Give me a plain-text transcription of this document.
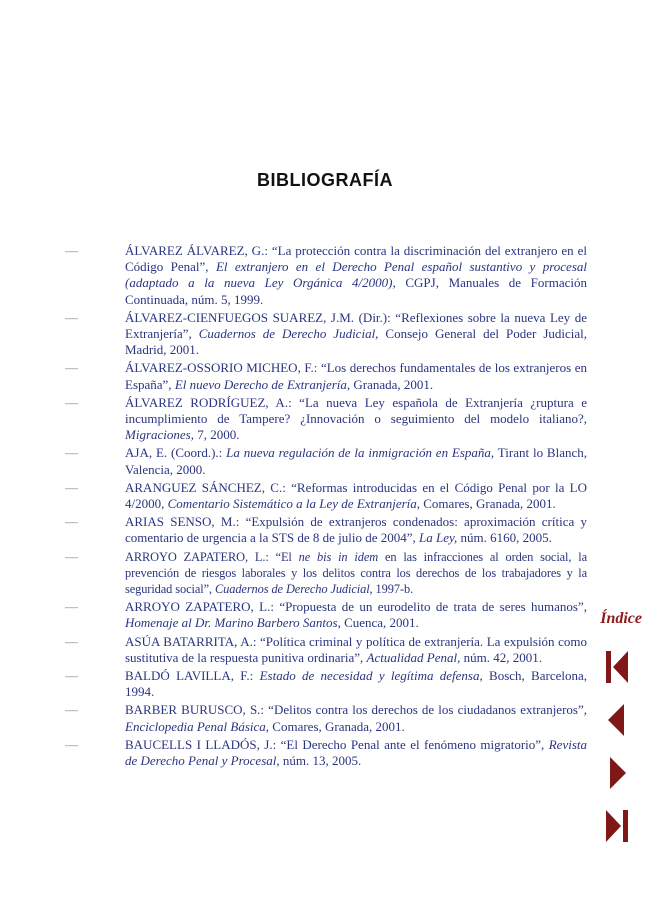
BIBLIOGRAFÍA
—	ÁLVAREZ ÁLVAREZ, G.: “La protección contra la discriminación del extranjero en el Código Penal”, El extranjero en el Derecho Penal español sustantivo y procesal (adaptado a la nueva Ley Orgánica 4/2000), CGPJ, Manuales de Formación Continuada, núm. 5, 1999.

—	ÁLVAREZ-CIENFUEGOS SUAREZ, J.M. (Dir.): “Reflexiones sobre la nueva Ley de Extranjería”, Cuadernos de Derecho Judicial, Consejo General del Poder Judicial, Madrid, 2001.

—	ÁLVAREZ-OSSORIO MICHEO, F.: “Los derechos fundamentales de los extranjeros en España”, El nuevo Derecho de Extranjería, Granada, 2001.

—	ÁLVAREZ RODRÍGUEZ, A.: “La nueva Ley española de Extranjería ¿ruptura e incumplimiento de Tampere? ¿Innovación o seguimiento del modelo italiano?, Migraciones, 7, 2000.

—	AJA, E. (Coord.).: La nueva regulación de la inmigración en España, Tirant lo Blanch, Valencia, 2000.

—	ARANGUEZ SÁNCHEZ, C.: “Reformas introducidas en el Código Penal por la LO 4/2000, Comentario Sistemático a la Ley de Extranjería, Comares, Granada, 2001.

—	ARIAS SENSO, M.: “Expulsión de extranjeros condenados: aproximación crítica y comentario de urgencia a la STS de 8 de julio de 2004”, La Ley, núm. 6160, 2005.

—	ARROYO ZAPATERO, L.: “El ne bis in idem en las infracciones al orden social, la prevención de riesgos laborales y los delitos contra los derechos de los trabajadores y la seguridad social”, Cuadernos de Derecho Judicial, 1997-b.

—	ARROYO ZAPATERO, L.: “Propuesta de un eurodelito de trata de seres humanos”, Homenaje al Dr. Marino Barbero Santos, Cuenca, 2001.

—	ASÚA BATARRITA, A.: “Política criminal y política de extranjería. La expulsión como sustitutiva de la respuesta punitiva ordinaria”, Actualidad Penal, núm. 42, 2001.

—	BALDÓ LAVILLA, F.: Estado de necesidad y legítima defensa, Bosch, Barcelona, 1994.

—	BARBER BURUSCO, S.: “Delitos contra los derechos de los ciudadanos extranjeros”, Enciclopedia Penal Básica, Comares, Granada, 2001.

—	BAUCELLS I LLADÓS, J.: “El Derecho Penal ante el fenómeno migratorio”, Revista de Derecho Penal y Procesal, núm. 13, 2005.

Índice
